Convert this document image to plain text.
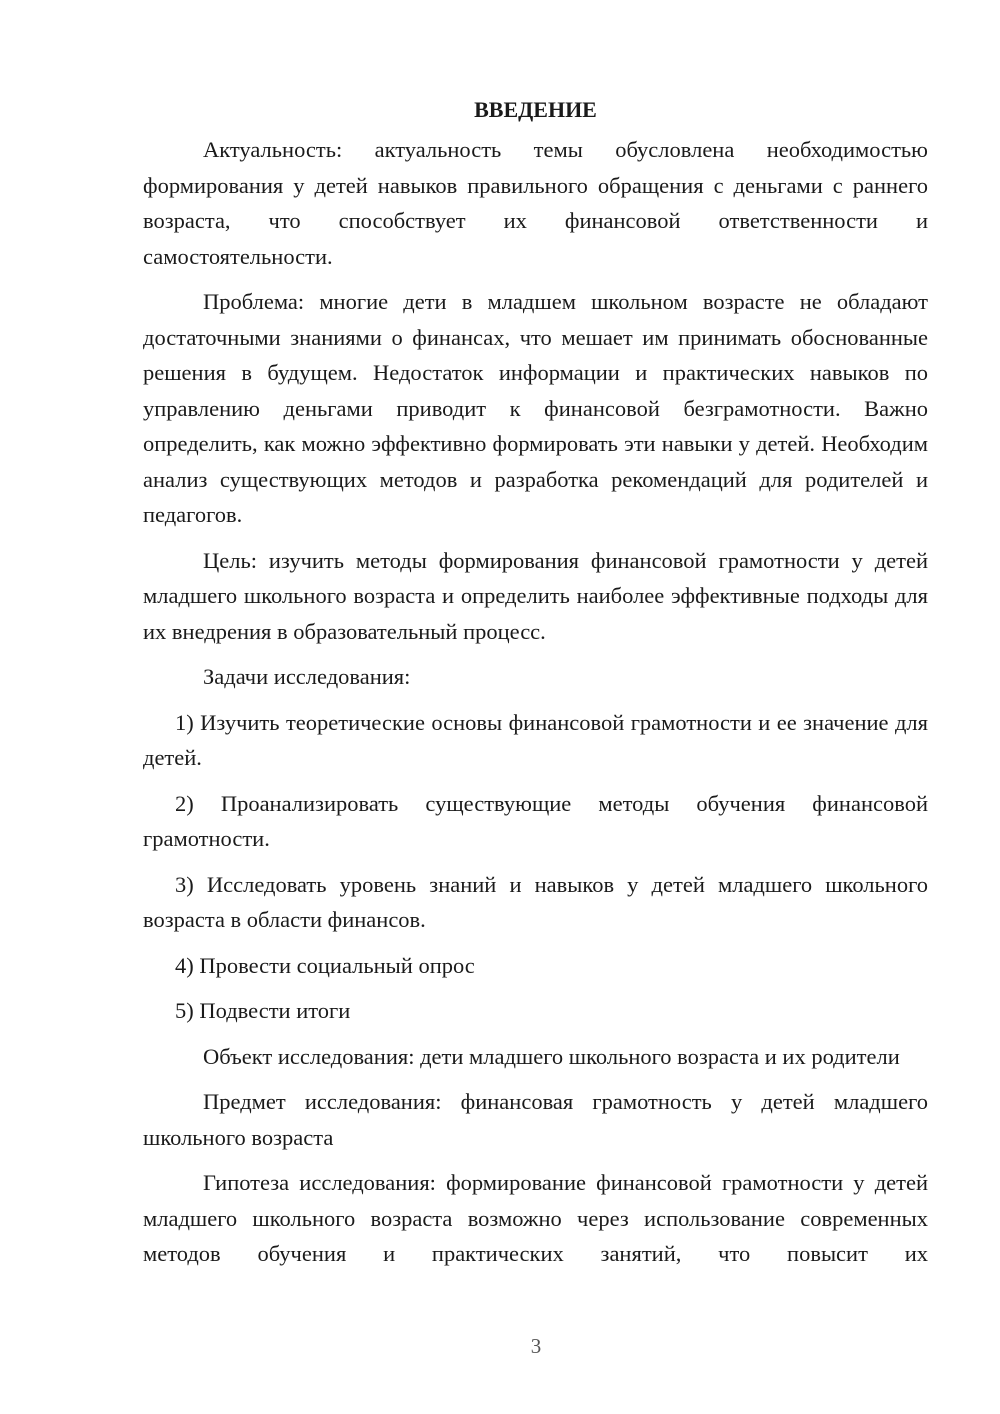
ВВЕДЕНИЕ

Актуальность: актуальность темы обусловлена необходимостью формирования у детей навыков правильного обращения с деньгами с раннего возраста, что способствует их финансовой ответственности и самостоятельности.

Проблема: многие дети в младшем школьном возрасте не обладают достаточными знаниями о финансах, что мешает им принимать обоснованные решения в будущем. Недостаток информации и практических навыков по управлению деньгами приводит к финансовой безграмотности. Важно определить, как можно эффективно формировать эти навыки у детей. Необходим анализ существующих методов и разработка рекомендаций для родителей и педагогов.

Цель: изучить методы формирования финансовой грамотности у детей младшего школьного возраста и определить наиболее эффективные подходы для их внедрения в образовательный процесс.

Задачи исследования:

1) Изучить теоретические основы финансовой грамотности и ее значение для детей.

2) Проанализировать существующие методы обучения финансовой грамотности.

3) Исследовать уровень знаний и навыков у детей младшего школьного возраста в области финансов.

4) Провести социальный опрос

5) Подвести итоги

Объект исследования: дети младшего школьного возраста и их родители

Предмет исследования: финансовая грамотность у детей младшего школьного возраста

Гипотеза исследования: формирование финансовой грамотности у детей младшего школьного возраста возможно через использование современных методов обучения и практических занятий, что повысит их

3
